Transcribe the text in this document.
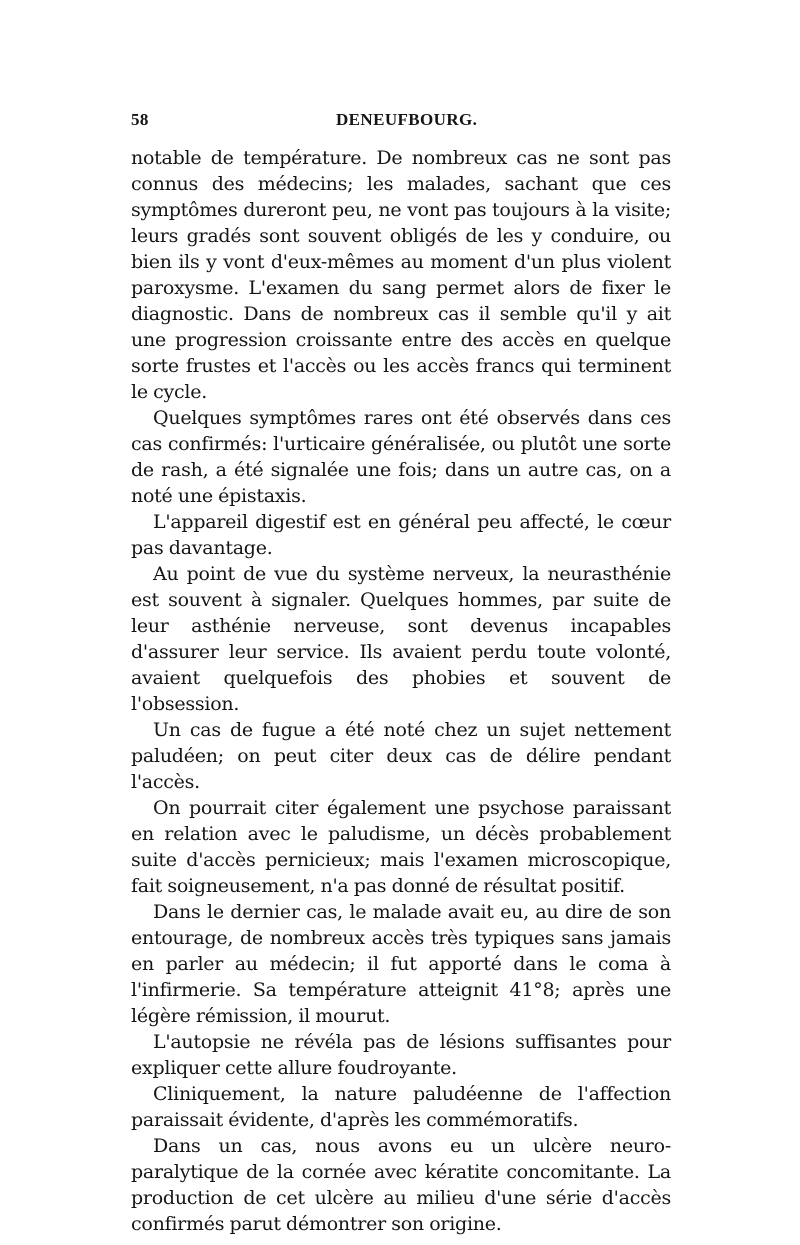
58	DENEUFBOURG.

notable de température. De nombreux cas ne sont pas connus des médecins; les malades, sachant que ces symptômes dureront peu, ne vont pas toujours à la visite; leurs gradés sont souvent obligés de les y conduire, ou bien ils y vont d'eux-mêmes au moment d'un plus violent paroxysme. L'examen du sang permet alors de fixer le diagnostic. Dans de nombreux cas il semble qu'il y ait une progression croissante entre des accès en quelque sorte frustes et l'accès ou les accès francs qui terminent le cycle.

Quelques symptômes rares ont été observés dans ces cas confirmés: l'urticaire généralisée, ou plutôt une sorte de rash, a été signalée une fois; dans un autre cas, on a noté une épistaxis.

L'appareil digestif est en général peu affecté, le cœur pas davantage.

Au point de vue du système nerveux, la neurasthénie est souvent à signaler. Quelques hommes, par suite de leur asthénie nerveuse, sont devenus incapables d'assurer leur service. Ils avaient perdu toute volonté, avaient quelquefois des phobies et souvent de l'obsession.

Un cas de fugue a été noté chez un sujet nettement paludéen; on peut citer deux cas de délire pendant l'accès.

On pourrait citer également une psychose paraissant en relation avec le paludisme, un décès probablement suite d'accès pernicieux; mais l'examen microscopique, fait soigneusement, n'a pas donné de résultat positif.

Dans le dernier cas, le malade avait eu, au dire de son entourage, de nombreux accès très typiques sans jamais en parler au médecin; il fut apporté dans le coma à l'infirmerie. Sa température atteignit 41°8; après une légère rémission, il mourut.

L'autopsie ne révéla pas de lésions suffisantes pour expliquer cette allure foudroyante.

Cliniquement, la nature paludéenne de l'affection paraissait évidente, d'après les commémoratifs.

Dans un cas, nous avons eu un ulcère neuro-paralytique de la cornée avec kératite concomitante. La production de cet ulcère au milieu d'une série d'accès confirmés parut démontrer son origine.
